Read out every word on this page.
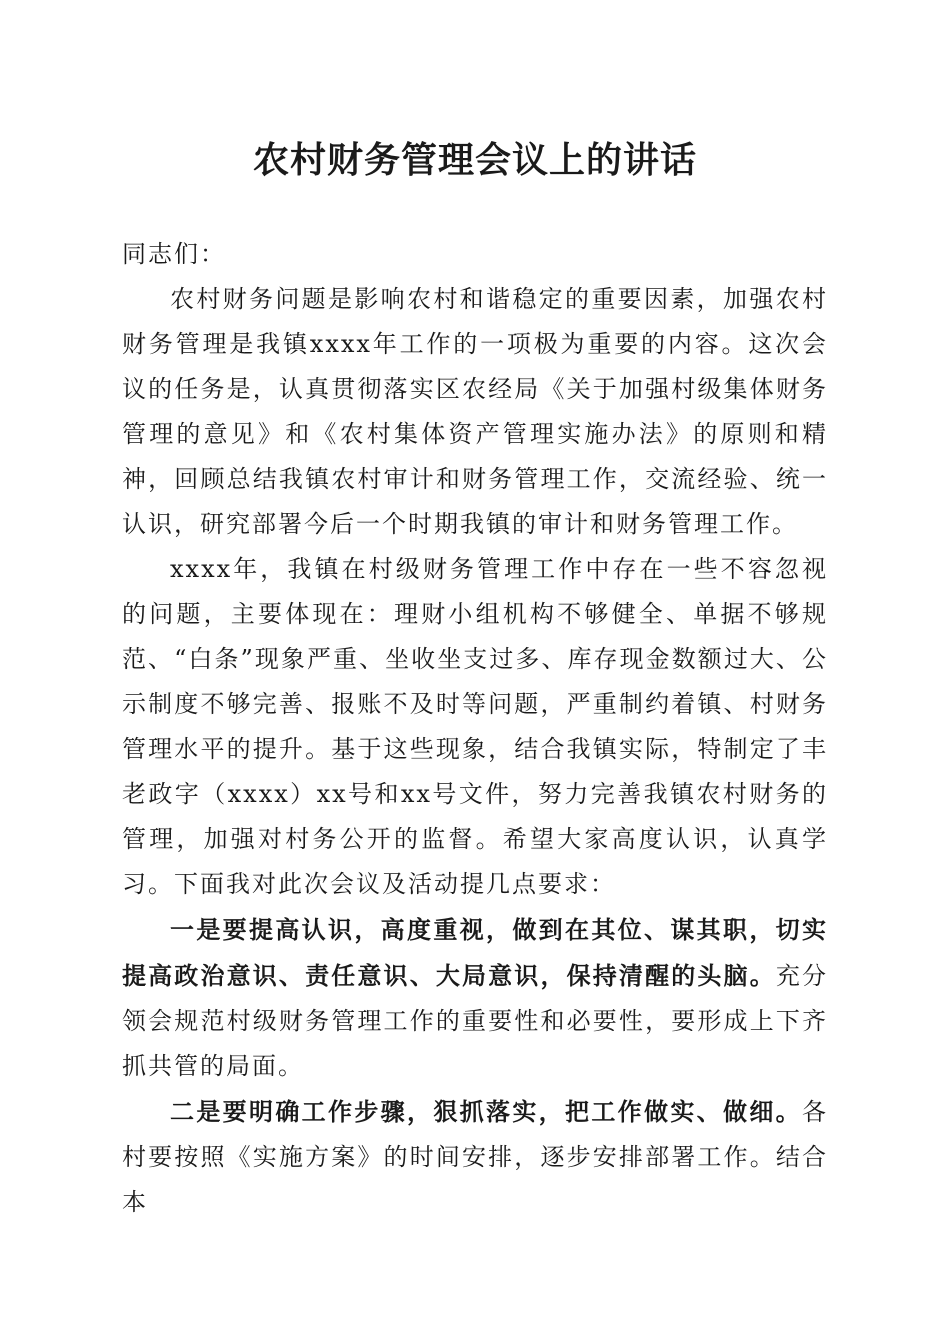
农村财务管理会议上的讲话

同志们：

农村财务问题是影响农村和谐稳定的重要因素，加强农村财务管理是我镇xxxx年工作的一项极为重要的内容。这次会议的任务是，认真贯彻落实区农经局《关于加强村级集体财务管理的意见》和《农村集体资产管理实施办法》的原则和精神，回顾总结我镇农村审计和财务管理工作，交流经验、统一认识，研究部署今后一个时期我镇的审计和财务管理工作。

xxxx年，我镇在村级财务管理工作中存在一些不容忽视的问题，主要体现在：理财小组机构不够健全、单据不够规范、“白条”现象严重、坐收坐支过多、库存现金数额过大、公示制度不够完善、报账不及时等问题，严重制约着镇、村财务管理水平的提升。基于这些现象，结合我镇实际，特制定了丰老政字（xxxx）xx号和xx号文件，努力完善我镇农村财务的管理，加强对村务公开的监督。希望大家高度认识，认真学习。下面我对此次会议及活动提几点要求：

一是要提高认识，高度重视，做到在其位、谋其职，切实提高政治意识、责任意识、大局意识，保持清醒的头脑。充分领会规范村级财务管理工作的重要性和必要性，要形成上下齐抓共管的局面。

二是要明确工作步骤，狠抓落实，把工作做实、做细。各村要按照《实施方案》的时间安排，逐步安排部署工作。结合本
